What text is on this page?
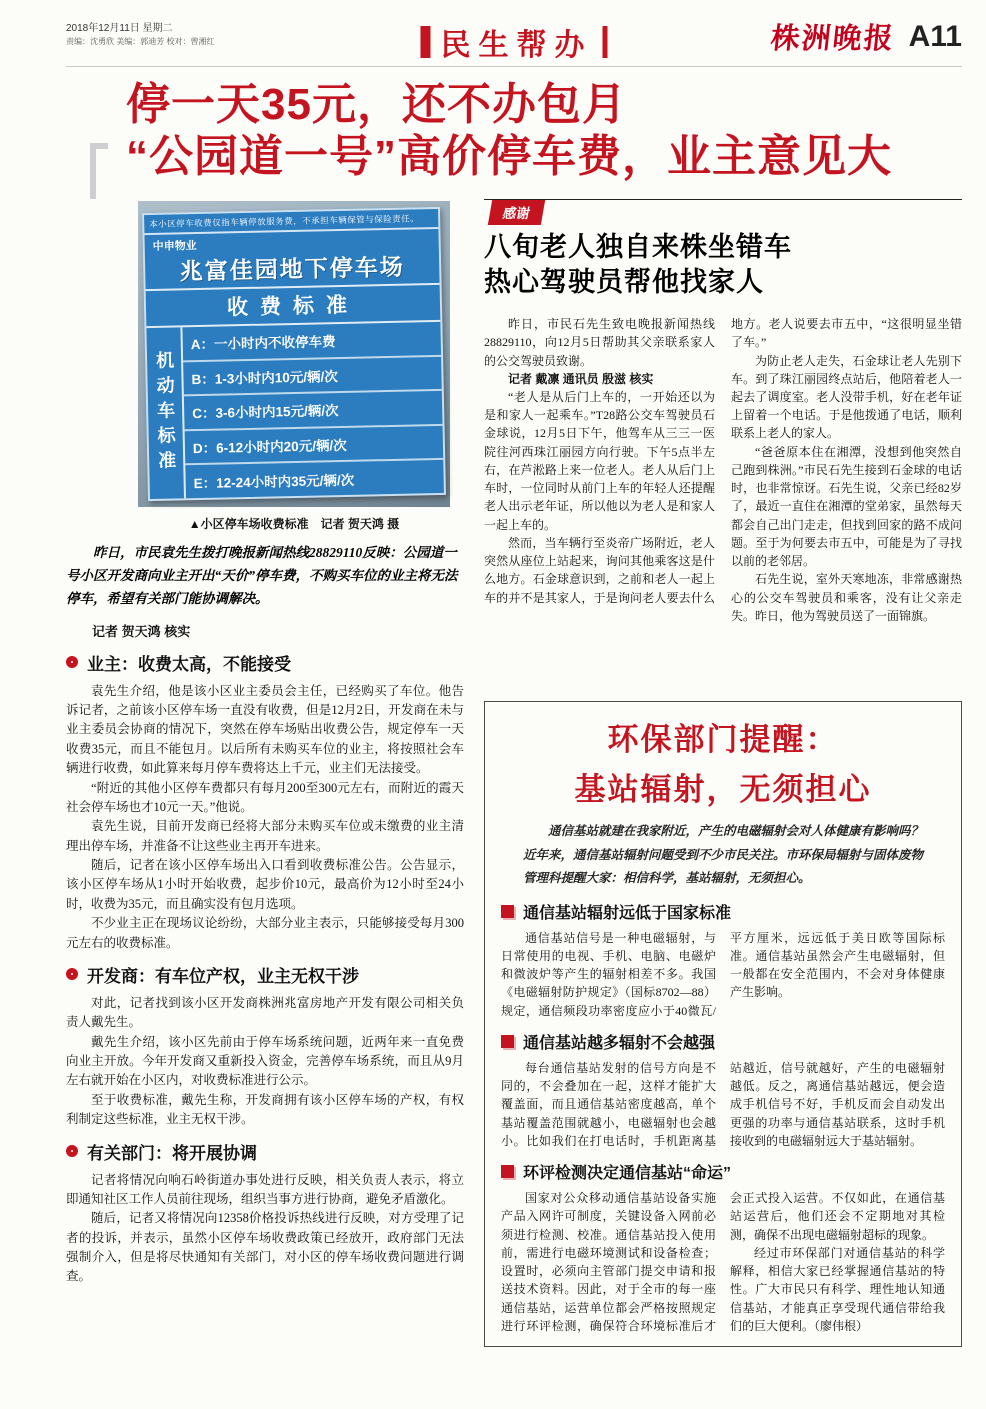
2018年12月11日 星期二
责编：沈勇欣 美编：郭迪芳 校对：曾湘红	民生帮办	株洲晚报 A11
停一天35元，还不办包月
“公园道一号”高价停车费，业主意见大
本小区停车收费仅指车辆停放服务费，不承担车辆保管与保险责任。
中申物业
兆富佳园地下停车场
收费标准
机动车标准
A：一小时内不收停车费
B：1-3小时内10元/辆/次
C：3-6小时内15元/辆/次
D：6-12小时内20元/辆/次
E：12-24小时内35元/辆/次
▲小区停车场收费标准　记者 贺天鸿 摄

昨日，市民袁先生拨打晚报新闻热线28829110反映：公园道一号小区开发商向业主开出“天价”停车费，不购买车位的业主将无法停车，希望有关部门能协调解决。

记者 贺天鸿 核实
业主：收费太高，不能接受

袁先生介绍，他是该小区业主委员会主任，已经购买了车位。他告诉记者，之前该小区停车场一直没有收费，但是12月2日，开发商在未与业主委员会协商的情况下，突然在停车场贴出收费公告，规定停车一天收费35元，而且不能包月。以后所有未购买车位的业主，将按照社会车辆进行收费，如此算来每月停车费将达上千元，业主们无法接受。

“附近的其他小区停车费都只有每月200至300元左右，而附近的霞天社会停车场也才10元一天。”他说。

袁先生说，目前开发商已经将大部分未购买车位或未缴费的业主清理出停车场，并准备不让这些业主再开车进来。

随后，记者在该小区停车场出入口看到收费标准公告。公告显示，该小区停车场从1小时开始收费，起步价10元，最高价为12小时至24小时，收费为35元，而且确实没有包月选项。

不少业主正在现场议论纷纷，大部分业主表示，只能够接受每月300元左右的收费标准。

开发商：有车位产权，业主无权干涉

对此，记者找到该小区开发商株洲兆富房地产开发有限公司相关负责人戴先生。

戴先生介绍，该小区先前由于停车场系统问题，近两年来一直免费向业主开放。今年开发商又重新投入资金，完善停车场系统，而且从9月左右就开始在小区内，对收费标准进行公示。

至于收费标准，戴先生称，开发商拥有该小区停车场的产权，有权利制定这些标准，业主无权干涉。

有关部门：将开展协调

记者将情况向响石岭街道办事处进行反映，相关负责人表示，将立即通知社区工作人员前往现场，组织当事方进行协商，避免矛盾激化。

随后，记者又将情况向12358价格投诉热线进行反映，对方受理了记者的投诉，并表示，虽然小区停车场收费政策已经放开，政府部门无法强制介入，但是将尽快通知有关部门，对小区的停车场收费问题进行调查。

感谢
八旬老人独自来株坐错车
热心驾驶员帮他找家人

昨日，市民石先生致电晚报新闻热线28829110，向12月5日帮助其父亲联系家人的公交驾驶员致谢。

记者 戴凛 通讯员 殷滋 核实

“老人是从后门上车的，一开始还以为是和家人一起乘车。”T28路公交车驾驶员石金球说，12月5日下午，他驾车从三三一医院往河西珠江丽园方向行驶。下午5点半左右，在芦淞路上来一位老人。老人从后门上车时，一位同时从前门上车的年轻人还提醒老人出示老年证，所以他以为老人是和家人一起上车的。

然而，当车辆行至炎帝广场附近，老人突然从座位上站起来，询问其他乘客这是什么地方。石金球意识到，之前和老人一起上车的并不是其家人，于是询问老人要去什么地方。老人说要去市五中，“这很明显坐错了车。”

为防止老人走失，石金球让老人先别下车。到了珠江丽园终点站后，他陪着老人一起去了调度室。老人没带手机，好在老年证上留着一个电话。于是他拨通了电话，顺利联系上老人的家人。

“爸爸原本住在湘潭，没想到他突然自己跑到株洲。”市民石先生接到石金球的电话时，也非常惊讶。石先生说，父亲已经82岁了，最近一直住在湘潭的堂弟家，虽然每天都会自己出门走走，但找到回家的路不成问题。至于为何要去市五中，可能是为了寻找以前的老邻居。

石先生说，室外天寒地冻，非常感谢热心的公交车驾驶员和乘客，没有让父亲走失。昨日，他为驾驶员送了一面锦旗。

环保部门提醒：
基站辐射，无须担心

通信基站就建在我家附近，产生的电磁辐射会对人体健康有影响吗？近年来，通信基站辐射问题受到不少市民关注。市环保局辐射与固体废物管理科提醒大家：相信科学，基站辐射，无须担心。

通信基站辐射远低于国家标准

通信基站信号是一种电磁辐射，与日常使用的电视、手机、电脑、电磁炉和微波炉等产生的辐射相差不多。我国《电磁辐射防护规定》（国标8702—88）规定，通信频段功率密度应小于40微瓦/平方厘米，远远低于美日欧等国际标准。通信基站虽然会产生电磁辐射，但一般都在安全范围内，不会对身体健康产生影响。

通信基站越多辐射不会越强

每台通信基站发射的信号方向是不同的，不会叠加在一起，这样才能扩大覆盖面，而且通信基站密度越高，单个基站覆盖范围就越小，电磁辐射也会越小。比如我们在打电话时，手机距离基站越近，信号就越好，产生的电磁辐射越低。反之，离通信基站越远，便会造成手机信号不好，手机反而会自动发出更强的功率与通信基站联系，这时手机接收到的电磁辐射远大于基站辐射。

环评检测决定通信基站“命运”

国家对公众移动通信基站设备实施产品入网许可制度，关键设备入网前必须进行检测、校准。通信基站投入使用前，需进行电磁环境测试和设备检查；设置时，必须向主管部门提交申请和报送技术资料。因此，对于全市的每一座通信基站，运营单位都会严格按照规定进行环评检测，确保符合环境标准后才会正式投入运营。不仅如此，在通信基站运营后，他们还会不定期地对其检测，确保不出现电磁辐射超标的现象。

经过市环保部门对通信基站的科学解释，相信大家已经掌握通信基站的特性。广大市民只有科学、理性地认知通信基站，才能真正享受现代通信带给我们的巨大便利。（廖伟根）
